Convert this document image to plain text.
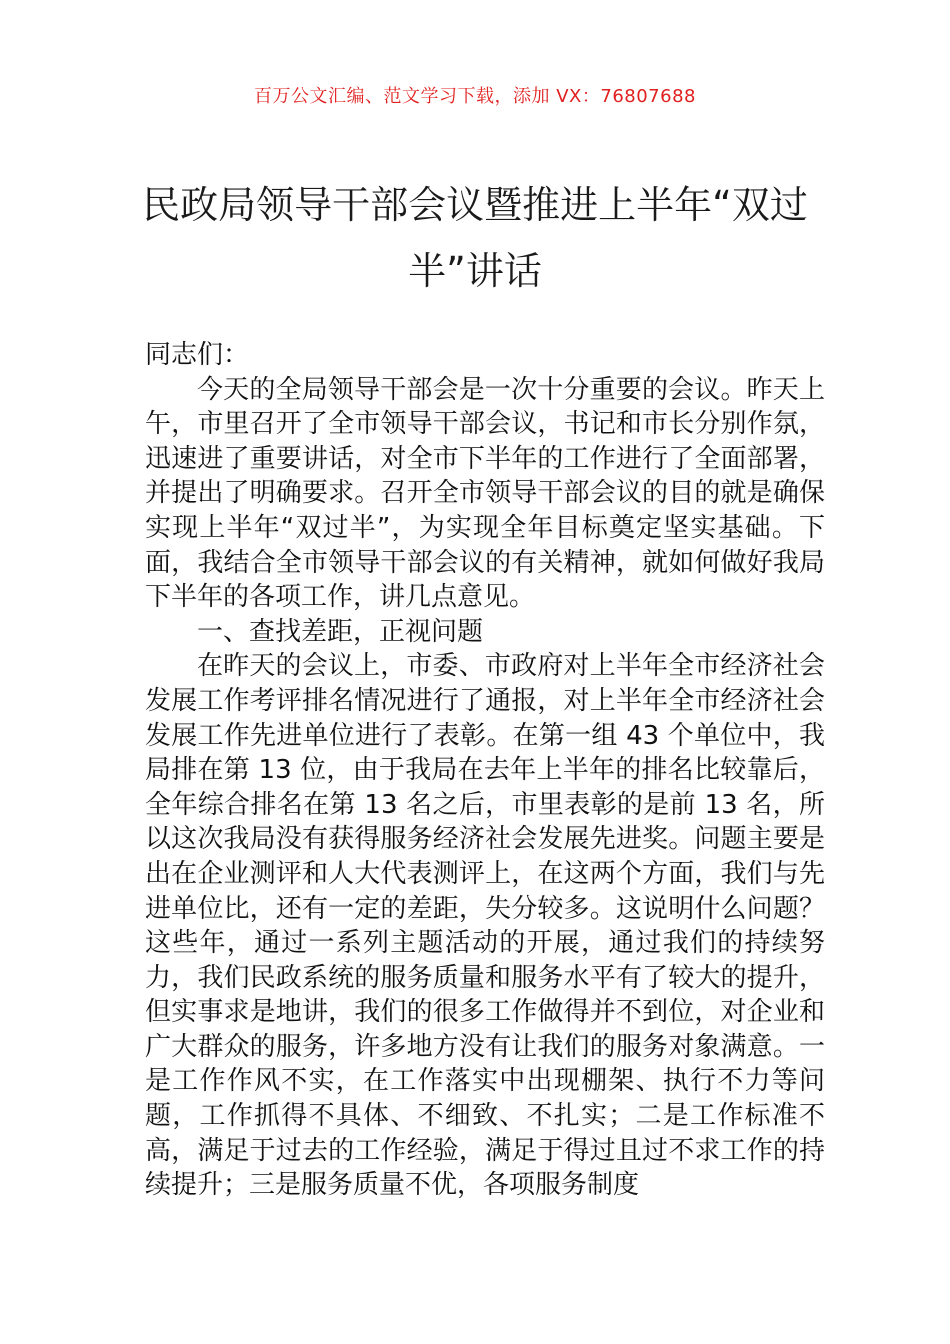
百万公文汇编、范文学习下载，添加 VX：76807688
民政局领导干部会议暨推进上半年“双过半”讲话

同志们：

今天的全局领导干部会是一次十分重要的会议。昨天上午，市里召开了全市领导干部会议，书记和市长分别作氛，迅速进了重要讲话，对全市下半年的工作进行了全面部署，并提出了明确要求。召开全市领导干部会议的目的就是确保实现上半年“双过半”，为实现全年目标奠定坚实基础。下面，我结合全市领导干部会议的有关精神，就如何做好我局下半年的各项工作，讲几点意见。

一、查找差距，正视问题

在昨天的会议上，市委、市政府对上半年全市经济社会发展工作考评排名情况进行了通报，对上半年全市经济社会发展工作先进单位进行了表彰。在第一组 43 个单位中，我局排在第 13 位，由于我局在去年上半年的排名比较靠后，全年综合排名在第 13 名之后，市里表彰的是前 13 名，所以这次我局没有获得服务经济社会发展先进奖。问题主要是出在企业测评和人大代表测评上，在这两个方面，我们与先进单位比，还有一定的差距，失分较多。这说明什么问题？这些年，通过一系列主题活动的开展，通过我们的持续努力，我们民政系统的服务质量和服务水平有了较大的提升，但实事求是地讲，我们的很多工作做得并不到位，对企业和广大群众的服务，许多地方没有让我们的服务对象满意。一是工作作风不实，在工作落实中出现棚架、执行不力等问题，工作抓得不具体、不细致、不扎实；二是工作标准不高，满足于过去的工作经验，满足于得过且过不求工作的持续提升；三是服务质量不优，各项服务制度
